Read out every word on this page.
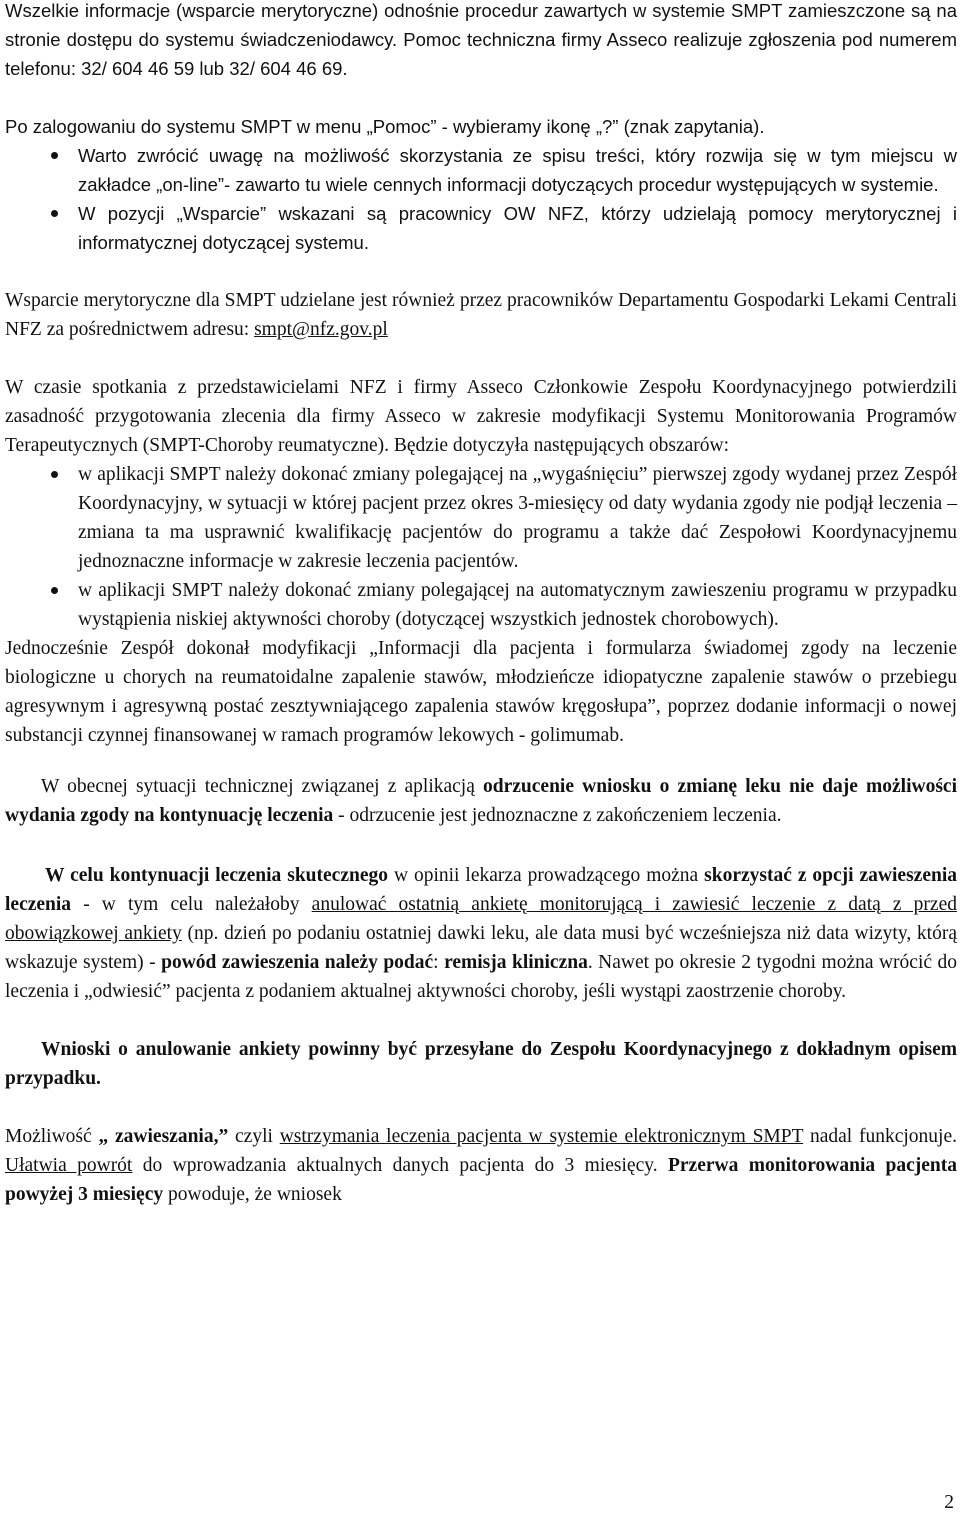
Wszelkie informacje (wsparcie merytoryczne) odnośnie procedur zawartych w systemie SMPT zamieszczone są na stronie dostępu do systemu świadczeniodawcy. Pomoc techniczna firmy Asseco realizuje zgłoszenia pod numerem telefonu: 32/ 604 46 59 lub 32/ 604 46 69.

Po zalogowaniu do systemu SMPT w menu „Pomoc” - wybieramy ikonę „?” (znak zapytania).

Warto zwrócić uwagę na możliwość skorzystania ze spisu treści, który rozwija się w tym miejscu w zakładce „on-line”- zawarto tu wiele cennych informacji dotyczących procedur występujących w systemie.
W pozycji „Wsparcie” wskazani są pracownicy OW NFZ, którzy udzielają pomocy merytorycznej i informatycznej dotyczącej systemu.

Wsparcie merytoryczne dla SMPT udzielane jest również przez pracowników Departamentu Gospodarki Lekami Centrali NFZ za pośrednictwem adresu: smpt@nfz.gov.pl

W czasie spotkania z przedstawicielami NFZ i firmy Asseco Członkowie Zespołu Koordynacyjnego potwierdzili zasadność przygotowania zlecenia dla firmy Asseco w zakresie modyfikacji Systemu Monitorowania Programów Terapeutycznych (SMPT-Choroby reumatyczne). Będzie dotyczyła następujących obszarów:

w aplikacji SMPT należy dokonać zmiany polegającej na „wygaśnięciu” pierwszej zgody wydanej przez Zespół Koordynacyjny, w sytuacji w której pacjent przez okres 3-miesięcy od daty wydania zgody nie podjął leczenia – zmiana ta ma usprawnić kwalifikację pacjentów do programu a także dać Zespołowi Koordynacyjnemu jednoznaczne informacje w zakresie leczenia pacjentów.
w aplikacji SMPT należy dokonać zmiany polegającej na automatycznym zawieszeniu programu w przypadku wystąpienia niskiej aktywności choroby (dotyczącej wszystkich jednostek chorobowych).

Jednocześnie Zespół dokonał modyfikacji „Informacji dla pacjenta i formularza świadomej zgody na leczenie biologiczne u chorych na reumatoidalne zapalenie stawów, młodzieńcze idiopatyczne zapalenie stawów o przebiegu agresywnym i agresywną postać zesztywniającego zapalenia stawów kręgosłupa”, poprzez dodanie informacji o nowej substancji czynnej finansowanej w ramach programów lekowych - golimumab.

W obecnej sytuacji technicznej związanej z aplikacją odrzucenie wniosku o zmianę leku nie daje możliwości wydania zgody na kontynuację leczenia - odrzucenie jest jednoznaczne z zakończeniem leczenia.

W celu kontynuacji leczenia skutecznego w opinii lekarza prowadzącego można skorzystać z opcji zawieszenia leczenia - w tym celu należałoby anulować ostatnią ankietę monitorującą i zawiesić leczenie z datą z przed obowiązkowej ankiety (np. dzień po podaniu ostatniej dawki leku, ale data musi być wcześniejsza niż data wizyty, którą wskazuje system) - powód zawieszenia należy podać: remisja kliniczna. Nawet po okresie 2 tygodni można wrócić do leczenia i „odwiesić” pacjenta z podaniem aktualnej aktywności choroby, jeśli wystąpi zaostrzenie choroby.

Wnioski o anulowanie ankiety powinny być przesyłane do Zespołu Koordynacyjnego z dokładnym opisem przypadku.

Możliwość „ zawieszania,” czyli wstrzymania leczenia pacjenta w systemie elektronicznym SMPT nadal funkcjonuje. Ułatwia powrót do wprowadzania aktualnych danych pacjenta do 3 miesięcy. Przerwa monitorowania pacjenta powyżej 3 miesięcy powoduje, że wniosek

2
